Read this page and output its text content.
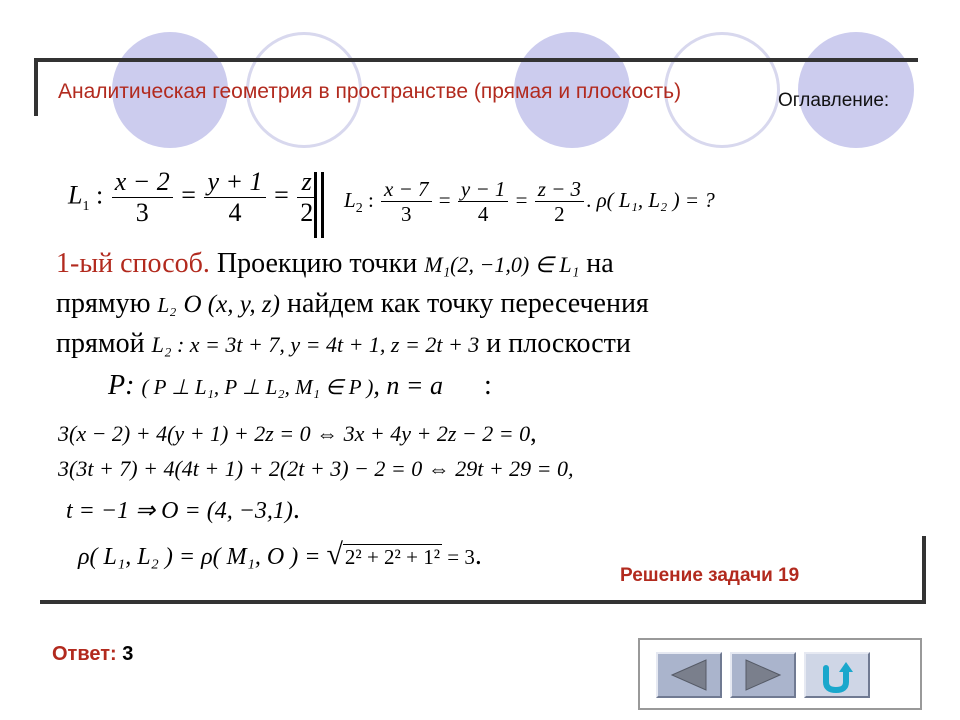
Аналитическая геометрия в пространстве (прямая и плоскость)	Оглавление:
$L_1$ : $\frac{x - 2}{3} = \frac{y + 1}{4} = \frac{z}{2} L_2$ : $\frac{x - 7}{3} = \frac{y - 1}{4} = \frac{z - 3}{2}$ . ρ( L₁, L₂ ) = ?
1-ый способ. Проекцию точки M₁(2, −1,0) ∈ L₁ на
прямую L₂ O (x, y, z) найдем как точку пересечения
прямой L₂ : x = 3t + 7, y = 4t + 1, z = 2t + 3 и плоскости
P: ( P ⊥ L₁, P ⊥ L₂, M₁ ∈ P ), n = a :
3(x − 2) + 4(y + 1) + 2z = 0 ⇔ 3x + 4y + 2z − 2 = 0,
3(3t + 7) + 4(4t + 1) + 2(2t + 3) − 2 = 0 ⇔ 29t + 29 = 0,
t = −1 ⇒ O = (4, −3,1).
ρ( L₁, L₂ ) = ρ( M₁, O ) = √2² + 2² + 1² = 3.
Решение задачи 19
Ответ: 3
